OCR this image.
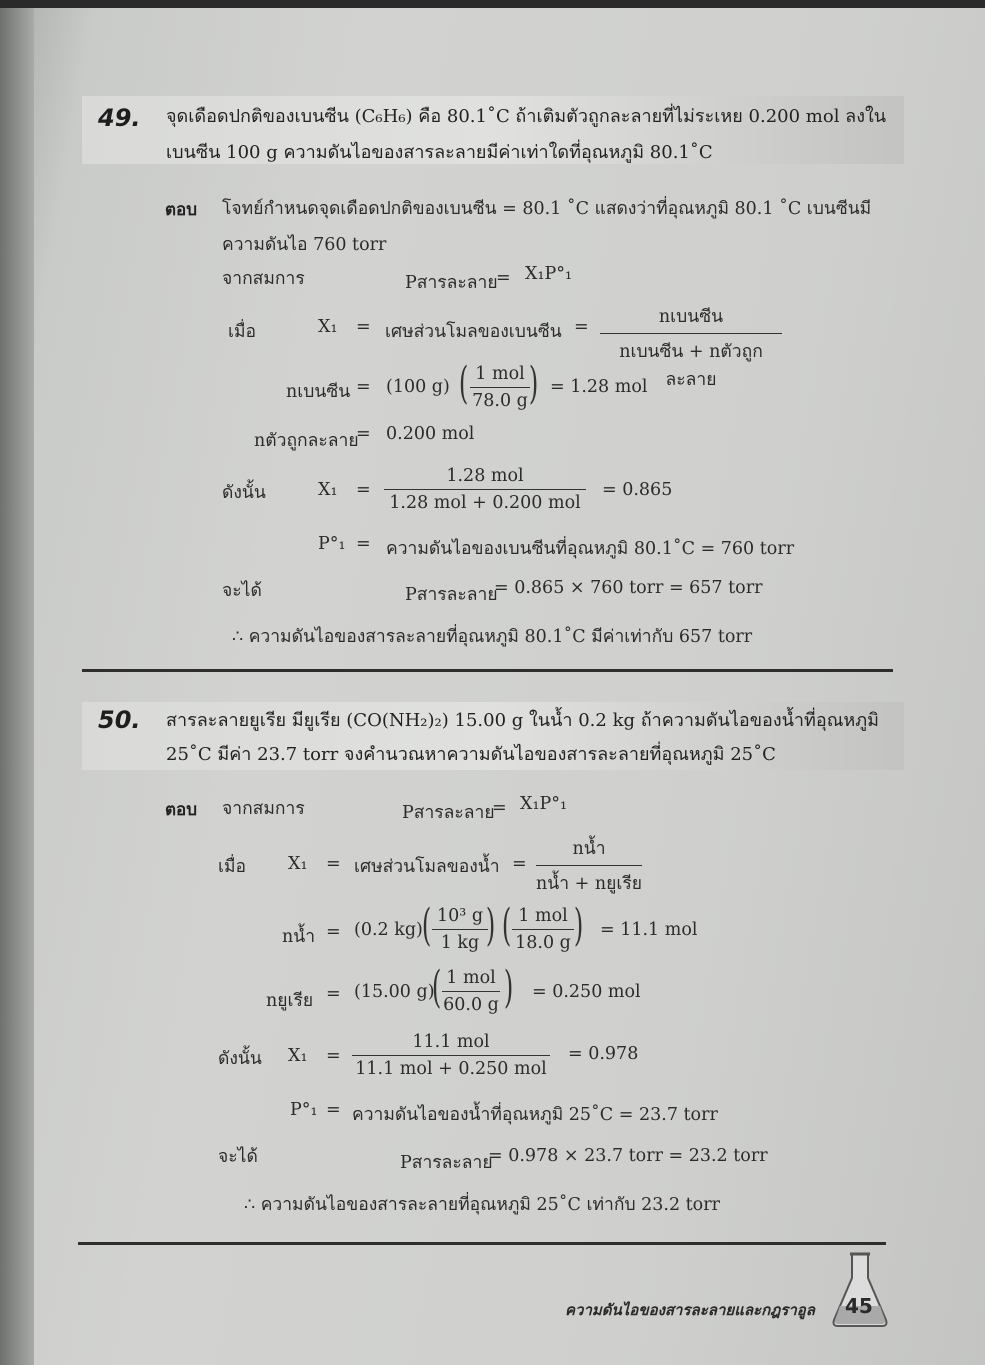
49. จุดเดือดปกติของเบนซีน (C₆H₆) คือ 80.1˚C ถ้าเติมตัวถูกละลายที่ไม่ระเหย 0.200 mol ลงใน
เบนซีน 100 g ความดันไอของสารละลายมีค่าเท่าใดที่อุณหภูมิ 80.1˚C
ตอบ โจทย์กำหนดจุดเดือดปกติของเบนซีน = 80.1 ˚C แสดงว่าที่อุณหภูมิ 80.1 ˚C เบนซีนมี
ความดันไอ 760 torr
จากสมการ	Pสารละลาย
= X₁P°₁
เมื่อ	X₁ = เศษส่วนโมลของเบนซีน =	nเบนซีน
nเบนซีน + nตัวถูกละลาย
nเบนซีน = (100 g) ( 1 mol
78.0 g ) = 1.28 mol
nตัวถูกละลาย
= 0.200 mol
ดังนั้น	X₁ =
1.28 mol
1.28 mol + 0.200 mol
= 0.865
P°₁ = ความดันไอของเบนซีนที่อุณหภูมิ 80.1˚C = 760 torr
จะได้	Pสารละลาย
= 0.865 × 760 torr = 657 torr
∴ ความดันไอของสารละลายที่อุณหภูมิ 80.1˚C มีค่าเท่ากับ 657 torr
50. สารละลายยูเรีย มียูเรีย (CO(NH₂)₂) 15.00 g ในน้ำ 0.2 kg ถ้าความดันไอของน้ำที่อุณหภูมิ
25˚C มีค่า 23.7 torr จงคำนวณหาความดันไอของสารละลายที่อุณหภูมิ 25˚C
ตอบ จากสมการ	Pสารละลาย
= X₁P°₁
เมื่อ X₁ = เศษส่วนโมลของน้ำ =
nน้ำ
nน้ำ + nยูเรีย
nน้ำ = (0.2 kg) ( $\frac{\text{10³ g}}{1 kg}$
) ( 1 mol
18.0 g ) = 11.1 mol
nยูเรีย = (15.00 g)
( 1 mol
60.0 g ) = 0.250 mol
ดังนั้น X₁ =
11.1 mol
11.1 mol + 0.250 mol
= 0.978
P°₁ = ความดันไอของน้ำที่อุณหภูมิ 25˚C = 23.7 torr
จะได้	Pสารละลาย
= 0.978 × 23.7 torr = 23.2 torr
∴ ความดันไอของสารละลายที่อุณหภูมิ 25˚C เท่ากับ 23.2 torr
ความดันไอของสารละลายและกฎราอูล 45
